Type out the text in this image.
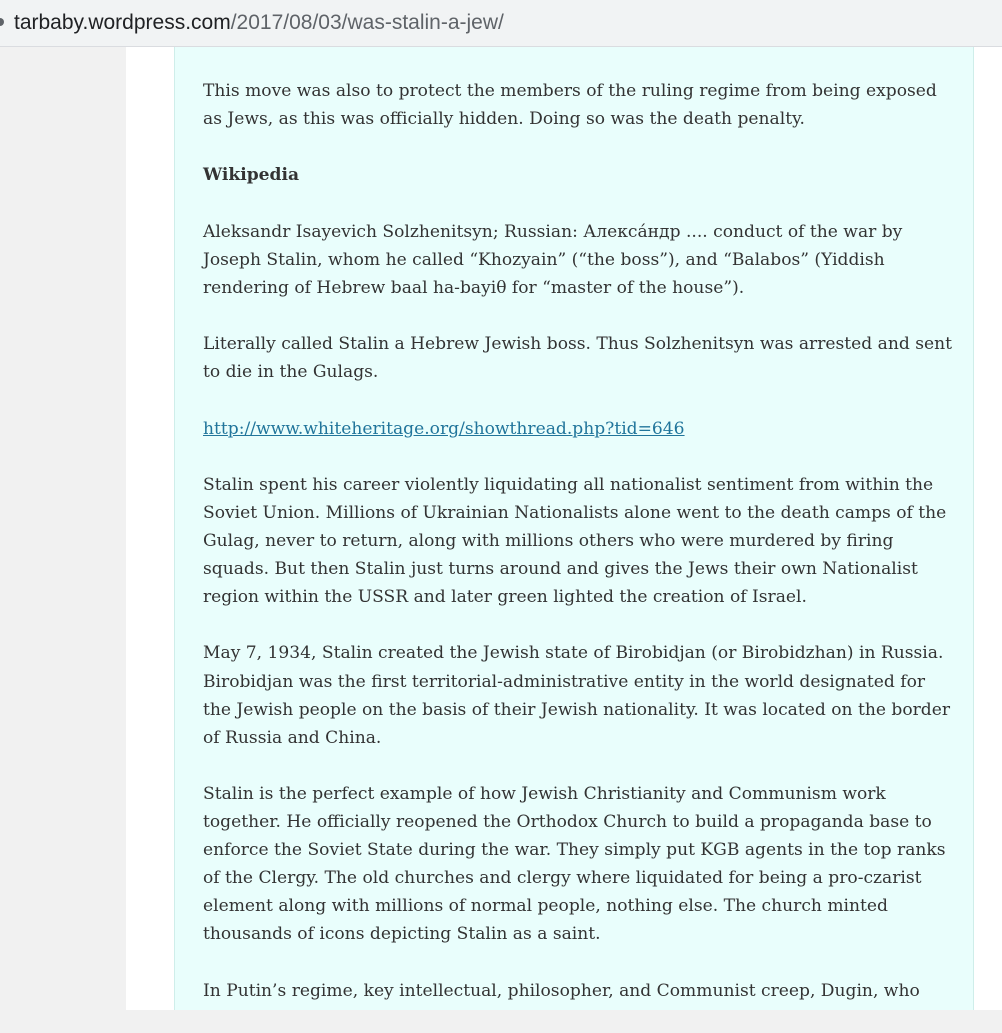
tarbaby.wordpress.com/2017/08/03/was-stalin-a-jew/

This move was also to protect the members of the ruling regime from being exposed as Jews, as this was officially hidden. Doing so was the death penalty.

Wikipedia

Aleksandr Isayevich Solzhenitsyn; Russian: Алекса́ндр .... conduct of the war by Joseph Stalin, whom he called “Khozyain” (“the boss”), and “Balabos” (Yiddish rendering of Hebrew baal ha-bayiθ for “master of the house”).

Literally called Stalin a Hebrew Jewish boss. Thus Solzhenitsyn was arrested and sent to die in the Gulags.

http://www.whiteheritage.org/showthread.php?tid=646

Stalin spent his career violently liquidating all nationalist sentiment from within the Soviet Union. Millions of Ukrainian Nationalists alone went to the death camps of the Gulag, never to return, along with millions others who were murdered by firing squads. But then Stalin just turns around and gives the Jews their own Nationalist region within the USSR and later green lighted the creation of Israel.

May 7, 1934, Stalin created the Jewish state of Birobidjan (or Birobidzhan) in Russia. Birobidjan was the first territorial-administrative entity in the world designated for the Jewish people on the basis of their Jewish nationality. It was located on the border of Russia and China.

Stalin is the perfect example of how Jewish Christianity and Communism work together. He officially reopened the Orthodox Church to build a propaganda base to enforce the Soviet State during the war. They simply put KGB agents in the top ranks of the Clergy. The old churches and clergy where liquidated for being a pro-czarist element along with millions of normal people, nothing else. The church minted thousands of icons depicting Stalin as a saint.

In Putin’s regime, key intellectual, philosopher, and Communist creep, Dugin, who
